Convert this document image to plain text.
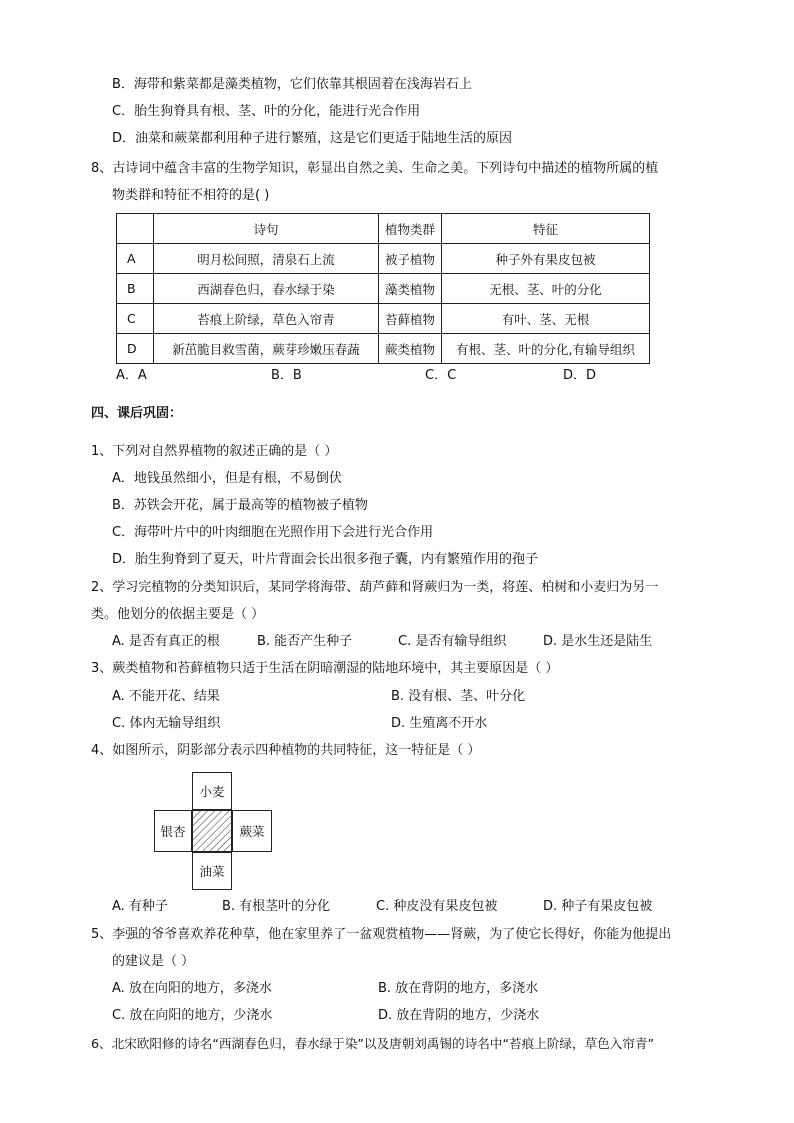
B．海带和紫菜都是藻类植物，它们依靠其根固着在浅海岩石上
C．胎生狗脊具有根、茎、叶的分化，能进行光合作用
D．油菜和蕨菜都利用种子进行繁殖，这是它们更适于陆地生活的原因
8、古诗词中蕴含丰富的生物学知识，彰显出自然之美、生命之美。下列诗句中描述的植物所属的植
物类群和特征不相符的是( )
	诗句	植物类群	特征
A	明月松间照，清泉石上流	被子植物	种子外有果皮包被
B	西湖春色归，春水绿于染	藻类植物	无根、茎、叶的分化
C	苔痕上阶绿，草色入帘青	苔藓植物	有叶、茎、无根
D	新茁脆目救雪菌，蕨芽珍嫩压春蔬	蕨类植物	有根、茎、叶的分化,有输导组织
A．A	B．B	C．C	D．D
四、课后巩固：
1、下列对自然界植物的叙述正确的是（ ）
A．地钱虽然细小，但是有根，不易倒伏
B．苏铁会开花，属于最高等的植物被子植物
C．海带叶片中的叶肉细胞在光照作用下会进行光合作用
D．胎生狗脊到了夏天，叶片背面会长出很多孢子囊，内有繁殖作用的孢子
2、学习完植物的分类知识后，某同学将海带、葫芦藓和肾蕨归为一类，将莲、柏树和小麦归为另一
类。他划分的依据主要是（ ）
A. 是否有真正的根	B. 能否产生种子	C. 是否有输导组织	D. 是水生还是陆生
3、蕨类植物和苔藓植物只适于生活在阴暗潮湿的陆地环境中，其主要原因是（ ）
A. 不能开花、结果	B. 没有根、茎、叶分化
C. 体内无输导组织	D. 生殖离不开水
4、如图所示，阴影部分表示四种植物的共同特征，这一特征是（ ）
小麦
银杏	蕨菜
油菜
A. 有种子	B. 有根茎叶的分化	C. 种皮没有果皮包被	D. 种子有果皮包被
5、李强的爷爷喜欢养花种草，他在家里养了一盆观赏植物——肾蕨，为了使它长得好，你能为他提出
的建议是（ ）
A. 放在向阳的地方，多浇水	B. 放在背阴的地方，多浇水
C. 放在向阳的地方，少浇水	D. 放在背阴的地方，少浇水
6、北宋欧阳修的诗名“西湖春色归，春水绿于染”以及唐朝刘禹锡的诗名中“苔痕上阶绿，草色入帘青”
